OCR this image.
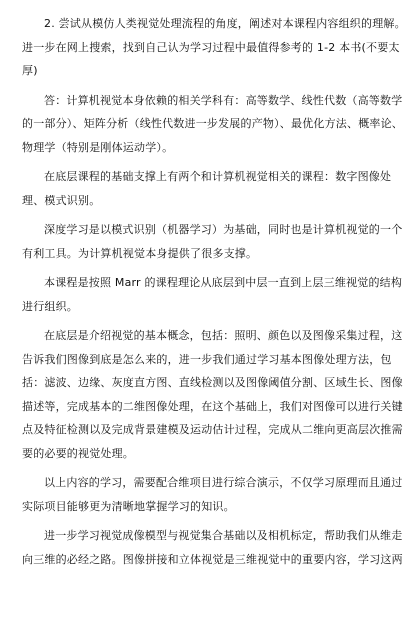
2. 尝试从模仿人类视觉处理流程的角度，阐述对本课程内容组织的理解。进一步在网上搜索，找到自己认为学习过程中最值得参考的 1-2 本书(不要太厚)

答：计算机视觉本身依赖的相关学科有：高等数学、线性代数（高等数学的一部分）、矩阵分析（线性代数进一步发展的产物）、最优化方法、概率论、物理学（特别是刚体运动学）。

在底层课程的基础支撑上有两个和计算机视觉相关的课程：数字图像处理、模式识别。

深度学习是以模式识别（机器学习）为基础，同时也是计算机视觉的一个有利工具。为计算机视觉本身提供了很多支撑。

本课程是按照 Marr 的课程理论从底层到中层一直到上层三维视觉的结构进行组织。

在底层是介绍视觉的基本概念，包括：照明、颜色以及图像采集过程，这告诉我们图像到底是怎么来的，进一步我们通过学习基本图像处理方法，包括：滤波、边缘、灰度直方图、直线检测以及图像阈值分割、区域生长、图像描述等，完成基本的二维图像处理，在这个基础上，我们对图像可以进行关键点及特征检测以及完成背景建模及运动估计过程，完成从二维向更高层次推需要的必要的视觉处理。

以上内容的学习，需要配合维项目进行综合演示，不仅学习原理而且通过实际项目能够更为清晰地掌握学习的知识。

进一步学习视觉成像模型与视觉集合基础以及相机标定，帮助我们从维走向三维的必经之路。图像拼接和立体视觉是三维视觉中的重要内容，学习这两
